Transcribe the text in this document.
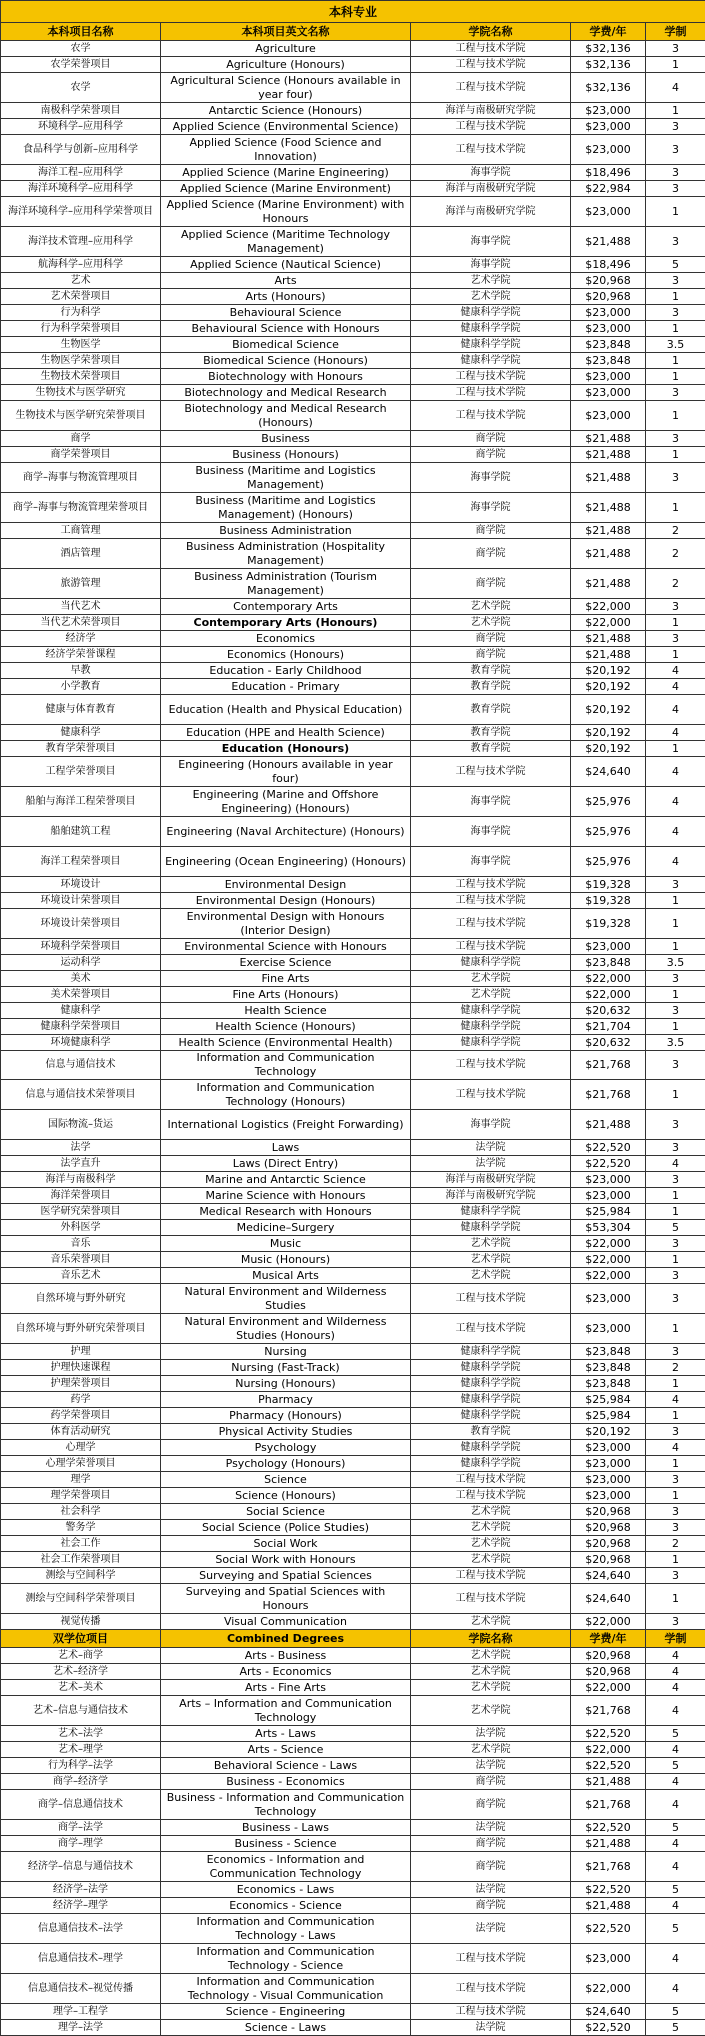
本科专业				
本科项目名称	本科项目英文名称	学院名称	学费/年	学制
农学	Agriculture	工程与技术学院	$32,136	3
农学荣誉项目	Agriculture (Honours)	工程与技术学院	$32,136	1
农学	Agricultural Science (Honours available in year four)	工程与技术学院	$32,136	4
南极科学荣誉项目	Antarctic Science (Honours)	海洋与南极研究学院	$23,000	1
环境科学–应用科学	Applied Science (Environmental Science)	工程与技术学院	$23,000	3
食品科学与创新–应用科学	Applied Science (Food Science and Innovation)	工程与技术学院	$23,000	3
海洋工程–应用科学	Applied Science (Marine Engineering)	海事学院	$18,496	3
海洋环境科学–应用科学	Applied Science (Marine Environment)	海洋与南极研究学院	$22,984	3
海洋环境科学–应用科学荣誉项目	Applied Science (Marine Environment) with Honours	海洋与南极研究学院	$23,000	1
海洋技术管理–应用科学	Applied Science (Maritime Technology Management)	海事学院	$21,488	3
航海科学–应用科学	Applied Science (Nautical Science)	海事学院	$18,496	5
艺术	Arts	艺术学院	$20,968	3
艺术荣誉项目	Arts (Honours)	艺术学院	$20,968	1
行为科学	Behavioural Science	健康科学学院	$23,000	3
行为科学荣誉项目	Behavioural Science with Honours	健康科学学院	$23,000	1
生物医学	Biomedical Science	健康科学学院	$23,848	3.5
生物医学荣誉项目	Biomedical Science (Honours)	健康科学学院	$23,848	1
生物技术荣誉项目	Biotechnology with Honours	工程与技术学院	$23,000	1
生物技术与医学研究	Biotechnology and Medical Research	工程与技术学院	$23,000	3
生物技术与医学研究荣誉项目	Biotechnology and Medical Research (Honours)	工程与技术学院	$23,000	1
商学	Business	商学院	$21,488	3
商学荣誉项目	Business (Honours)	商学院	$21,488	1
商学–海事与物流管理项目	Business (Maritime and Logistics Management)	海事学院	$21,488	3
商学–海事与物流管理荣誉项目	Business (Maritime and Logistics Management) (Honours)	海事学院	$21,488	1
工商管理	Business Administration	商学院	$21,488	2
酒店管理	Business Administration (Hospitality Management)	商学院	$21,488	2
旅游管理	Business Administration (Tourism Management)	商学院	$21,488	2
当代艺术	Contemporary Arts	艺术学院	$22,000	3
当代艺术荣誉项目	Contemporary Arts (Honours)	艺术学院	$22,000	1
经济学	Economics	商学院	$21,488	3
经济学荣誉课程	Economics (Honours)	商学院	$21,488	1
早教	Education - Early Childhood	教育学院	$20,192	4
小学教育	Education - Primary	教育学院	$20,192	4
健康与体育教育	Education (Health and Physical Education)	教育学院	$20,192	4
健康科学	Education (HPE and Health Science)	教育学院	$20,192	4
教育学荣誉项目	Education (Honours)	教育学院	$20,192	1
工程学荣誉项目	Engineering (Honours available in year four)	工程与技术学院	$24,640	4
船舶与海洋工程荣誉项目	Engineering (Marine and Offshore Engineering) (Honours)	海事学院	$25,976	4
船舶建筑工程	Engineering (Naval Architecture) (Honours)	海事学院	$25,976	4
海洋工程荣誉项目	Engineering (Ocean Engineering) (Honours)	海事学院	$25,976	4
环境设计	Environmental Design	工程与技术学院	$19,328	3
环境设计荣誉项目	Environmental Design (Honours)	工程与技术学院	$19,328	1
环境设计荣誉项目	Environmental Design with Honours (Interior Design)	工程与技术学院	$19,328	1
环境科学荣誉项目	Environmental Science with Honours	工程与技术学院	$23,000	1
运动科学	Exercise Science	健康科学学院	$23,848	3.5
美术	Fine Arts	艺术学院	$22,000	3
美术荣誉项目	Fine Arts (Honours)	艺术学院	$22,000	1
健康科学	Health Science	健康科学学院	$20,632	3
健康科学荣誉项目	Health Science (Honours)	健康科学学院	$21,704	1
环境健康科学	Health Science (Environmental Health)	健康科学学院	$20,632	3.5
信息与通信技术	Information and Communication Technology	工程与技术学院	$21,768	3
信息与通信技术荣誉项目	Information and Communication Technology (Honours)	工程与技术学院	$21,768	1
国际物流–货运	International Logistics (Freight Forwarding)	海事学院	$21,488	3
法学	Laws	法学院	$22,520	3
法学直升	Laws (Direct Entry)	法学院	$22,520	4
海洋与南极科学	Marine and Antarctic Science	海洋与南极研究学院	$23,000	3
海洋荣誉项目	Marine Science with Honours	海洋与南极研究学院	$23,000	1
医学研究荣誉项目	Medical Research with Honours	健康科学学院	$25,984	1
外科医学	Medicine–Surgery	健康科学学院	$53,304	5
音乐	Music	艺术学院	$22,000	3
音乐荣誉项目	Music (Honours)	艺术学院	$22,000	1
音乐艺术	Musical Arts	艺术学院	$22,000	3
自然环境与野外研究	Natural Environment and Wilderness Studies	工程与技术学院	$23,000	3
自然环境与野外研究荣誉项目	Natural Environment and Wilderness Studies (Honours)	工程与技术学院	$23,000	1
护理	Nursing	健康科学学院	$23,848	3
护理快速课程	Nursing (Fast-Track)	健康科学学院	$23,848	2
护理荣誉项目	Nursing (Honours)	健康科学学院	$23,848	1
药学	Pharmacy	健康科学学院	$25,984	4
药学荣誉项目	Pharmacy (Honours)	健康科学学院	$25,984	1
体育活动研究	Physical Activity Studies	教育学院	$20,192	3
心理学	Psychology	健康科学学院	$23,000	4
心理学荣誉项目	Psychology (Honours)	健康科学学院	$23,000	1
理学	Science	工程与技术学院	$23,000	3
理学荣誉项目	Science (Honours)	工程与技术学院	$23,000	1
社会科学	Social Science	艺术学院	$20,968	3
警务学	Social Science (Police Studies)	艺术学院	$20,968	3
社会工作	Social Work	艺术学院	$20,968	2
社会工作荣誉项目	Social Work with Honours	艺术学院	$20,968	1
测绘与空间科学	Surveying and Spatial Sciences	工程与技术学院	$24,640	3
测绘与空间科学荣誉项目	Surveying and Spatial Sciences with Honours	工程与技术学院	$24,640	1
视觉传播	Visual Communication	艺术学院	$22,000	3
双学位项目	Combined Degrees	学院名称	学费/年	学制
艺术–商学	Arts - Business	艺术学院	$20,968	4
艺术–经济学	Arts - Economics	艺术学院	$20,968	4
艺术–美术	Arts - Fine Arts	艺术学院	$22,000	4
艺术–信息与通信技术	Arts – Information and Communication Technology	艺术学院	$21,768	4
艺术–法学	Arts - Laws	法学院	$22,520	5
艺术–理学	Arts - Science	艺术学院	$22,000	4
行为科学–法学	Behavioral Science - Laws	法学院	$22,520	5
商学–经济学	Business - Economics	商学院	$21,488	4
商学–信息通信技术	Business - Information and Communication Technology	商学院	$21,768	4
商学–法学	Business - Laws	法学院	$22,520	5
商学–理学	Business - Science	商学院	$21,488	4
经济学–信息与通信技术	Economics - Information and Communication Technology	商学院	$21,768	4
经济学–法学	Economics - Laws	法学院	$22,520	5
经济学–理学	Economics - Science	商学院	$21,488	4
信息通信技术–法学	Information and Communication Technology - Laws	法学院	$22,520	5
信息通信技术–理学	Information and Communication Technology - Science	工程与技术学院	$23,000	4
信息通信技术–视觉传播	Information and Communication Technology - Visual Communication	工程与技术学院	$22,000	4
理学–工程学	Science - Engineering	工程与技术学院	$24,640	5
理学–法学	Science - Laws	法学院	$22,520	5
